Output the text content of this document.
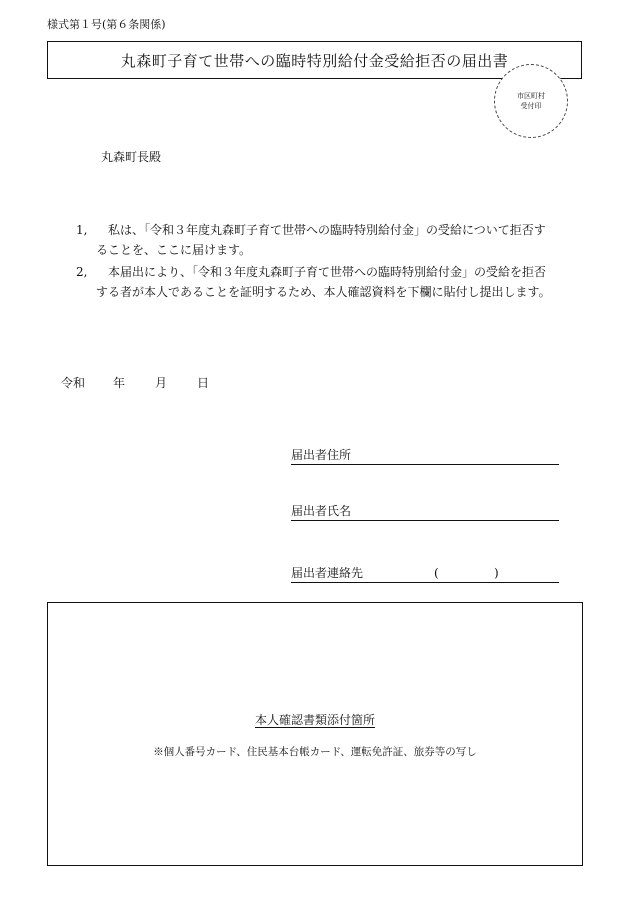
様式第１号(第６条関係)
丸森町子育て世帯への臨時特別給付金受給拒否の届出書
市区町村
受付印
丸森町長殿
1,	私は、「令和３年度丸森町子育て世帯への臨時特別給付金」の受給について拒否することを、ここに届けます。
2,	本届出により、「令和３年度丸森町子育て世帯への臨時特別給付金」の受給を拒否する者が本人であることを証明するため、本人確認資料を下欄に貼付し提出します。
令和	年	月	日
届出者住所
届出者氏名
届出者連絡先	(	)
本人確認書類添付箇所
※個人番号カード、住民基本台帳カード、運転免許証、旅券等の写し
